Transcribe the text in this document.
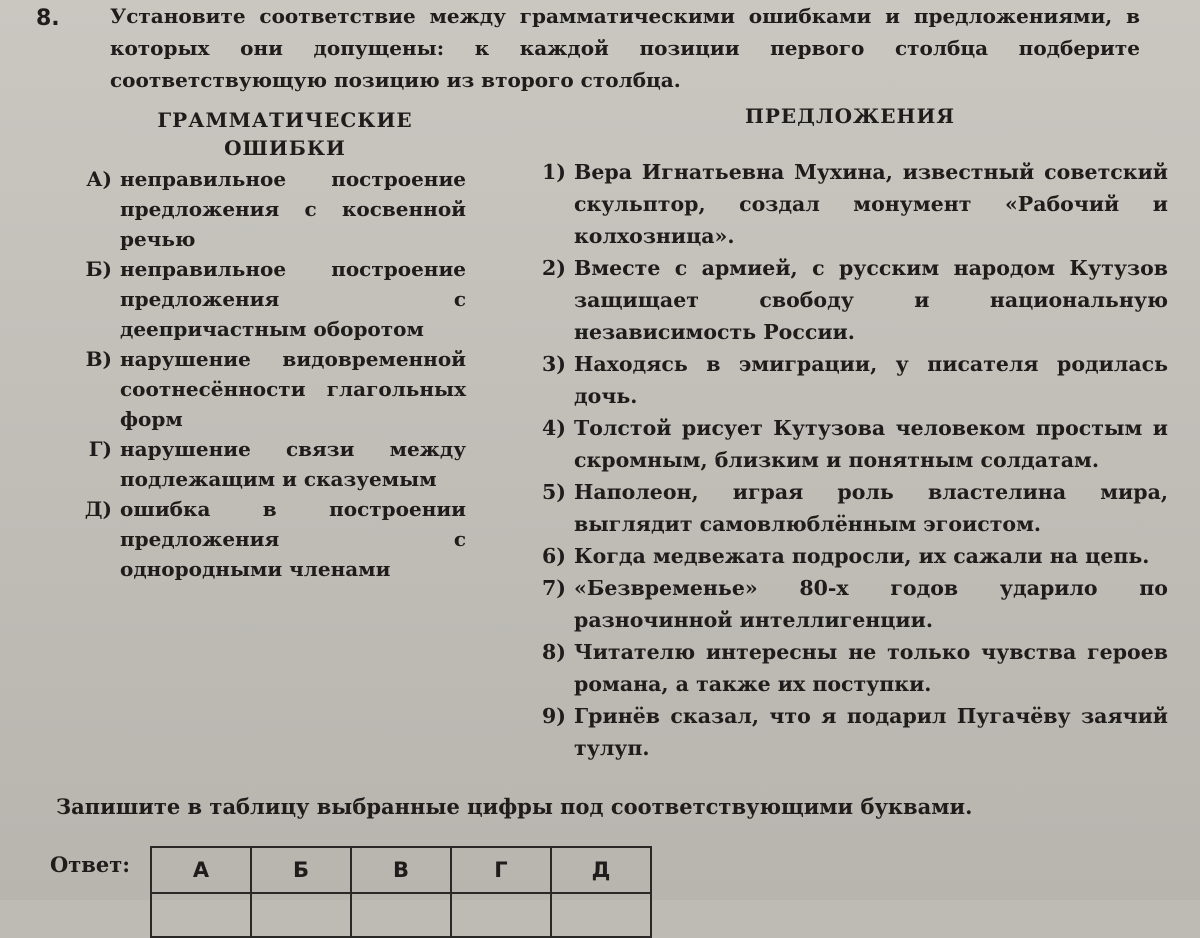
8.	Установите соответствие между грамматическими ошибками и предложениями, в которых они допущены: к каждой позиции первого столбца подберите соответствующую позицию из второго столбца.
ГРАММАТИЧЕСКИЕ ОШИБКИ
ПРЕДЛОЖЕНИЯ
А) неправильное построение предложения с косвенной речью
Б) неправильное построение предложения с деепричастным оборотом
В) нарушение видовременной соотнесённости глагольных форм
Г) нарушение связи между подлежащим и сказуемым
Д) ошибка в построении предложения с однородными членами
1) Вера Игнатьевна Мухина, известный советский скульптор, создал монумент «Рабочий и колхозница».
2) Вместе с армией, с русским народом Кутузов защищает свободу и национальную независимость России.
3) Находясь в эмиграции, у писателя родилась дочь.
4) Толстой рисует Кутузова человеком простым и скромным, близким и понятным солдатам.
5) Наполеон, играя роль властелина мира, выглядит самовлюблённым эгоистом.
6) Когда медвежата подросли, их сажали на цепь.
7) «Безвременье» 80-х годов ударило по разночинной интеллигенции.
8) Читателю интересны не только чувства героев романа, а также их поступки.
9) Гринёв сказал, что я подарил Пугачёву заячий тулуп.
Запишите в таблицу выбранные цифры под соответствующими буквами.
Ответ:	А	Б	В	Г	Д
